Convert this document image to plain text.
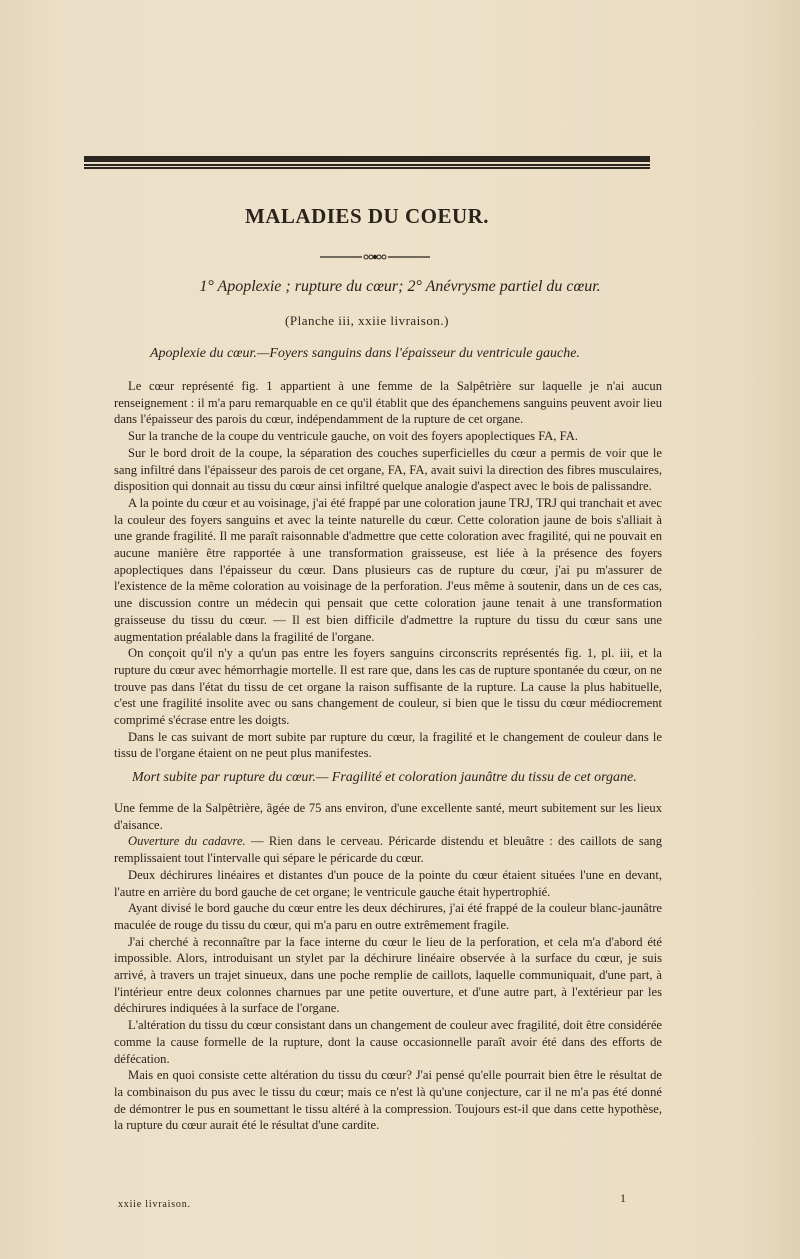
MALADIES DU COEUR.
1° Apoplexie ; rupture du cœur; 2° Anévrysme partiel du cœur.
(Planche iii, xxiie livraison.)
Apoplexie du cœur.—Foyers sanguins dans l'épaisseur du ventricule gauche.

Le cœur représenté fig. 1 appartient à une femme de la Salpêtrière sur laquelle je n'ai aucun renseignement : il m'a paru remarquable en ce qu'il établit que des épanchemens sanguins peuvent avoir lieu dans l'épaisseur des parois du cœur, indépendamment de la rupture de cet organe.

Sur la tranche de la coupe du ventricule gauche, on voit des foyers apoplectiques FA, FA.

Sur le bord droit de la coupe, la séparation des couches superficielles du cœur a permis de voir que le sang infiltré dans l'épaisseur des parois de cet organe, FA, FA, avait suivi la direction des fibres musculaires, disposition qui donnait au tissu du cœur ainsi infiltré quelque analogie d'aspect avec le bois de palissandre.

A la pointe du cœur et au voisinage, j'ai été frappé par une coloration jaune TRJ, TRJ qui tranchait et avec la couleur des foyers sanguins et avec la teinte naturelle du cœur. Cette coloration jaune de bois s'alliait à une grande fragilité. Il me paraît raisonnable d'admettre que cette coloration avec fragilité, qui ne pouvait en aucune manière être rapportée à une transformation graisseuse, est liée à la présence des foyers apoplectiques dans l'épaisseur du cœur. Dans plusieurs cas de rupture du cœur, j'ai pu m'assurer de l'existence de la même coloration au voisinage de la perforation. J'eus même à soutenir, dans un de ces cas, une discussion contre un médecin qui pensait que cette coloration jaune tenait à une transformation graisseuse du tissu du cœur. — Il est bien difficile d'admettre la rupture du tissu du cœur sans une augmentation préalable dans la fragilité de l'organe.

On conçoit qu'il n'y a qu'un pas entre les foyers sanguins circonscrits représentés fig. 1, pl. iii, et la rupture du cœur avec hémorrhagie mortelle. Il est rare que, dans les cas de rupture spontanée du cœur, on ne trouve pas dans l'état du tissu de cet organe la raison suffisante de la rupture. La cause la plus habituelle, c'est une fragilité insolite avec ou sans changement de couleur, si bien que le tissu du cœur médiocrement comprimé s'écrase entre les doigts.

Dans le cas suivant de mort subite par rupture du cœur, la fragilité et le changement de couleur dans le tissu de l'organe étaient on ne peut plus manifestes.

Mort subite par rupture du cœur.— Fragilité et coloration jaunâtre du tissu de cet organe.

Une femme de la Salpêtrière, âgée de 75 ans environ, d'une excellente santé, meurt subitement sur les lieux d'aisance.

Ouverture du cadavre. — Rien dans le cerveau. Péricarde distendu et bleuâtre : des caillots de sang remplissaient tout l'intervalle qui sépare le péricarde du cœur.

Deux déchirures linéaires et distantes d'un pouce de la pointe du cœur étaient situées l'une en devant, l'autre en arrière du bord gauche de cet organe; le ventricule gauche était hypertrophié.

Ayant divisé le bord gauche du cœur entre les deux déchirures, j'ai été frappé de la couleur blanc-jaunâtre maculée de rouge du tissu du cœur, qui m'a paru en outre extrêmement fragile.

J'ai cherché à reconnaître par la face interne du cœur le lieu de la perforation, et cela m'a d'abord été impossible. Alors, introduisant un stylet par la déchirure linéaire observée à la surface du cœur, je suis arrivé, à travers un trajet sinueux, dans une poche remplie de caillots, laquelle communiquait, d'une part, à l'intérieur entre deux colonnes charnues par une petite ouverture, et d'une autre part, à l'extérieur par les déchirures indiquées à la surface de l'organe.

L'altération du tissu du cœur consistant dans un changement de couleur avec fragilité, doit être considérée comme la cause formelle de la rupture, dont la cause occasionnelle paraît avoir été dans des efforts de défécation.

Mais en quoi consiste cette altération du tissu du cœur? J'ai pensé qu'elle pourrait bien être le résultat de la combinaison du pus avec le tissu du cœur; mais ce n'est là qu'une conjecture, car il ne m'a pas été donné de démontrer le pus en soumettant le tissu altéré à la compression. Toujours est-il que dans cette hypothèse, la rupture du cœur aurait été le résultat d'une cardite.

xxiie livraison.	1
